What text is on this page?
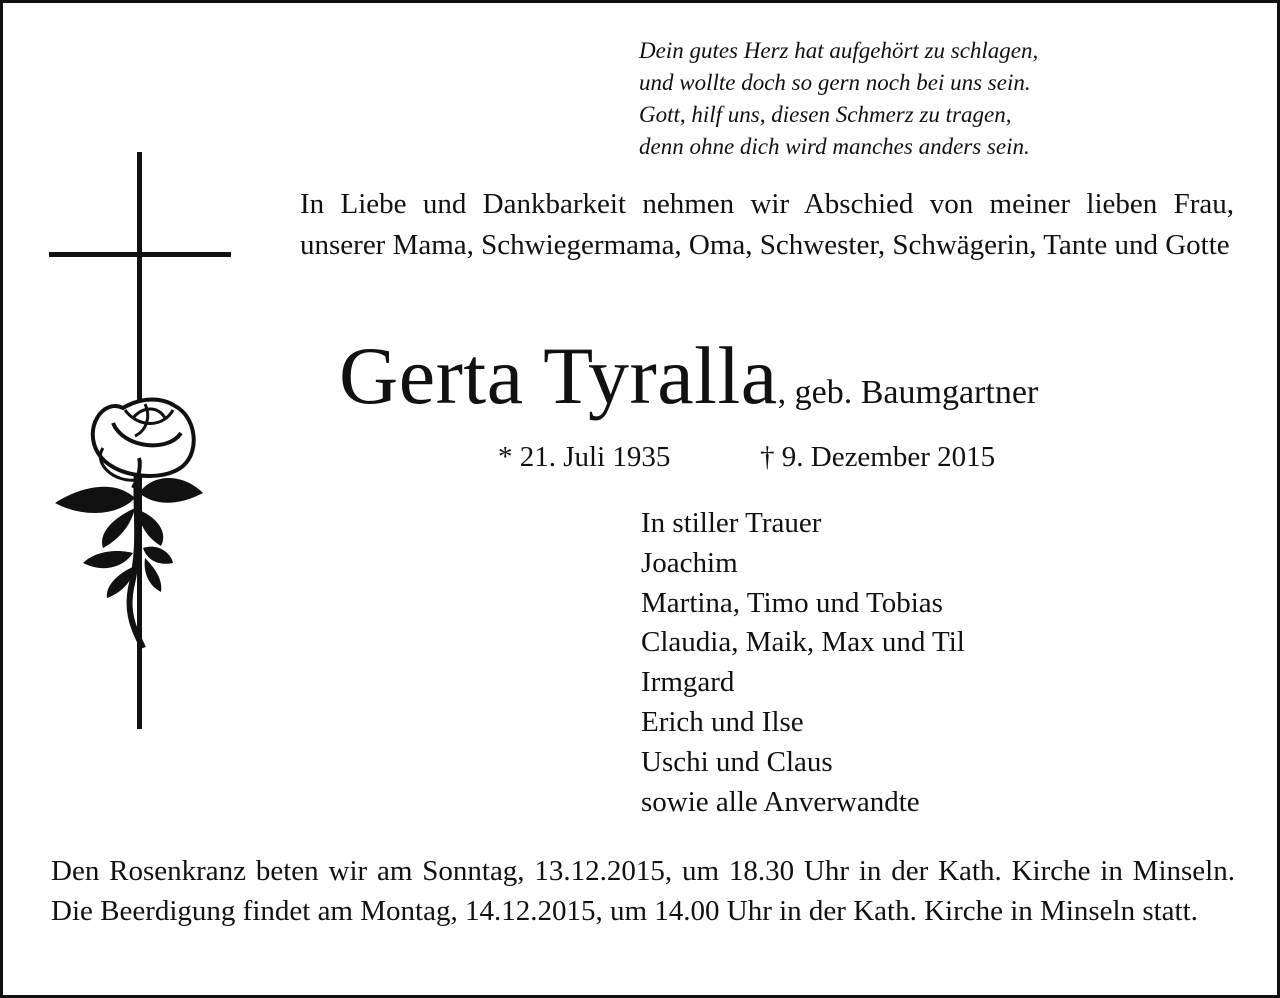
Dein gutes Herz hat aufgehört zu schlagen,
und wollte doch so gern noch bei uns sein.
Gott, hilf uns, diesen Schmerz zu tragen,
denn ohne dich wird manches anders sein.

In Liebe und Dankbarkeit nehmen wir Abschied von meiner lieben Frau, unserer Mama, Schwiegermama, Oma, Schwester, Schwägerin, Tante und Gotte

Gerta Tyralla, geb. Baumgartner
* 21. Juli 1935	† 9. Dezember 2015
In stiller Trauer
Joachim
Martina, Timo und Tobias
Claudia, Maik, Max und Til
Irmgard
Erich und Ilse
Uschi und Claus
sowie alle Anverwandte

Den Rosenkranz beten wir am Sonntag, 13.12.2015, um 18.30 Uhr in der Kath. Kirche in Minseln. Die Beerdigung findet am Montag, 14.12.2015, um 14.00 Uhr in der Kath. Kirche in Minseln statt.
